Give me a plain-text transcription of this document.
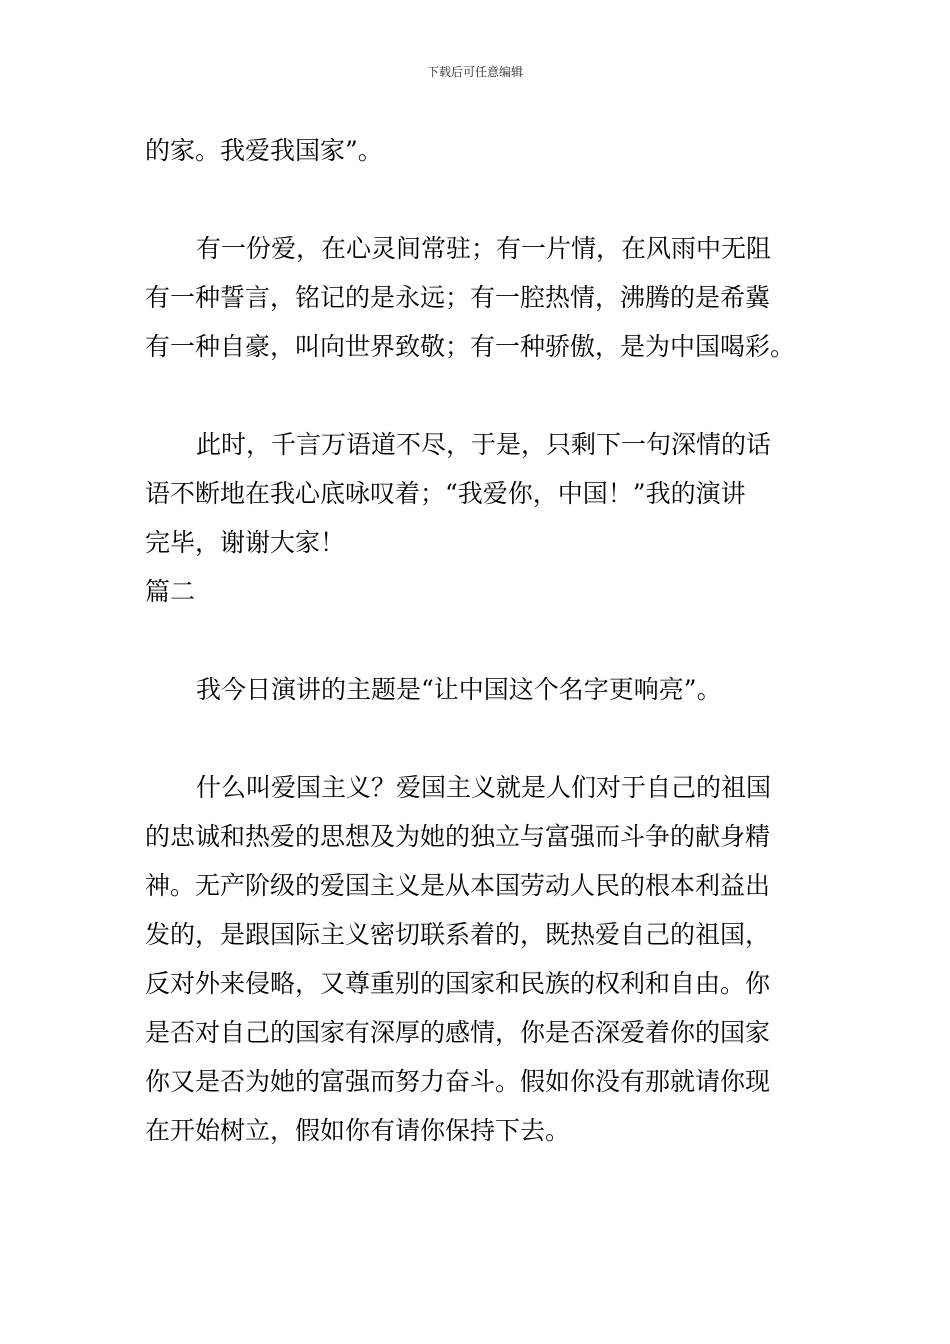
下载后可任意编辑
的家。我爱我国家”。
有一份爱，在心灵间常驻；有一片情，在风雨中无阻
有一种誓言，铭记的是永远；有一腔热情，沸腾的是希冀
有一种自豪，叫向世界致敬；有一种骄傲，是为中国喝彩。
此时，千言万语道不尽，于是，只剩下一句深情的话
语不断地在我心底咏叹着；“我爱你，中国！”我的演讲
完毕，谢谢大家！
篇二
我今日演讲的主题是“让中国这个名字更响亮”。
什么叫爱国主义？爱国主义就是人们对于自己的祖国
的忠诚和热爱的思想及为她的独立与富强而斗争的献身精
神。无产阶级的爱国主义是从本国劳动人民的根本利益出
发的，是跟国际主义密切联系着的，既热爱自己的祖国，
反对外来侵略，又尊重别的国家和民族的权利和自由。你
是否对自己的国家有深厚的感情，你是否深爱着你的国家
你又是否为她的富强而努力奋斗。假如你没有那就请你现
在开始树立，假如你有请你保持下去。
